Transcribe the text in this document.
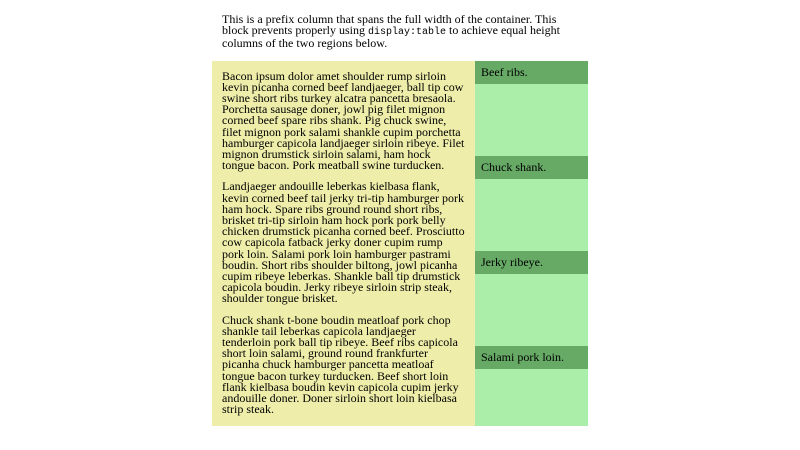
This is a prefix column that spans the full width of the container. This block prevents properly using display:table to achieve equal height columns of the two regions below.

Bacon ipsum dolor amet shoulder rump sirloin kevin picanha corned beef landjaeger, ball tip cow swine short ribs turkey alcatra pancetta bresaola. Porchetta sausage doner, jowl pig filet mignon corned beef spare ribs shank. Pig chuck swine, filet mignon pork salami shankle cupim porchetta hamburger capicola landjaeger sirloin ribeye. Filet mignon drumstick sirloin salami, ham hock tongue bacon. Pork meatball swine turducken.

Landjaeger andouille leberkas kielbasa flank, kevin corned beef tail jerky tri-tip hamburger pork ham hock. Spare ribs ground round short ribs, brisket tri-tip sirloin ham hock pork pork belly chicken drumstick picanha corned beef. Prosciutto cow capicola fatback jerky doner cupim rump pork loin. Salami pork loin hamburger pastrami boudin. Short ribs shoulder biltong, jowl picanha cupim ribeye leberkas. Shankle ball tip drumstick capicola boudin. Jerky ribeye sirloin strip steak, shoulder tongue brisket.

Chuck shank t-bone boudin meatloaf pork chop shankle tail leberkas capicola landjaeger tenderloin pork ball tip ribeye. Beef ribs capicola short loin salami, ground round frankfurter picanha chuck hamburger pancetta meatloaf tongue bacon turkey turducken. Beef short loin flank kielbasa boudin kevin capicola cupim jerky andouille doner. Doner sirloin short loin kielbasa strip steak.

Beef ribs.
Chuck shank.
Jerky ribeye.
Salami pork loin.
